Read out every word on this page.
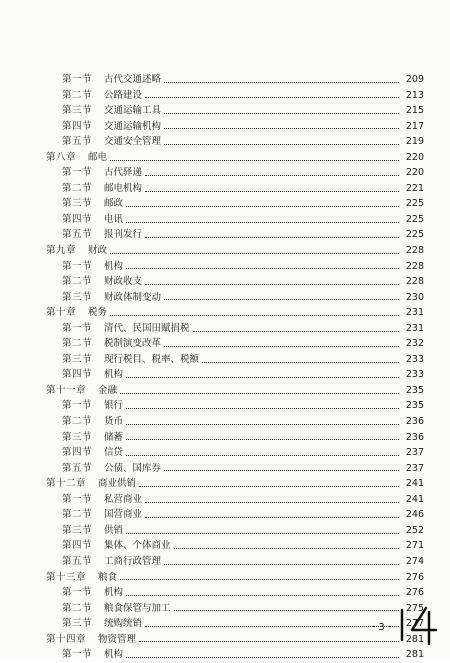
第一节 古代交通述略	209
第二节 公路建设	213
第三节 交通运输工具	215
第四节 交通运输机构	217
第五节 交通安全管理	219
第八章 邮电	220
第一节 古代驿递	220
第二节 邮电机构	221
第三节 邮政	225
第四节 电讯	225
第五节 报刊发行	225
第九章 财政	228
第一节 机构	228
第二节 财政收支	228
第三节 财政体制变动	230
第十章 税务	231
第一节 清代、民国田赋捐税	231
第二节 税制演变改革	232
第三节 现行税目、税率、税额	233
第四节 机构	233
第十一章 金融	235
第一节 银行	235
第二节 货币	236
第三节 储蓄	236
第四节 信贷	237
第五节 公债、国库券	237
第十二章 商业供销	241
第一节 私营商业	241
第二节 国营商业	246
第三节 供销	252
第四节 集体、个体商业	271
第五节 工商行政管理	274
第十三章 粮食	276
第一节 机构	276
第二节 粮食保管与加工	275
第三节 统购统销	277
第十四章 物资管理	281
第一节 机构	281
· 3 ·
